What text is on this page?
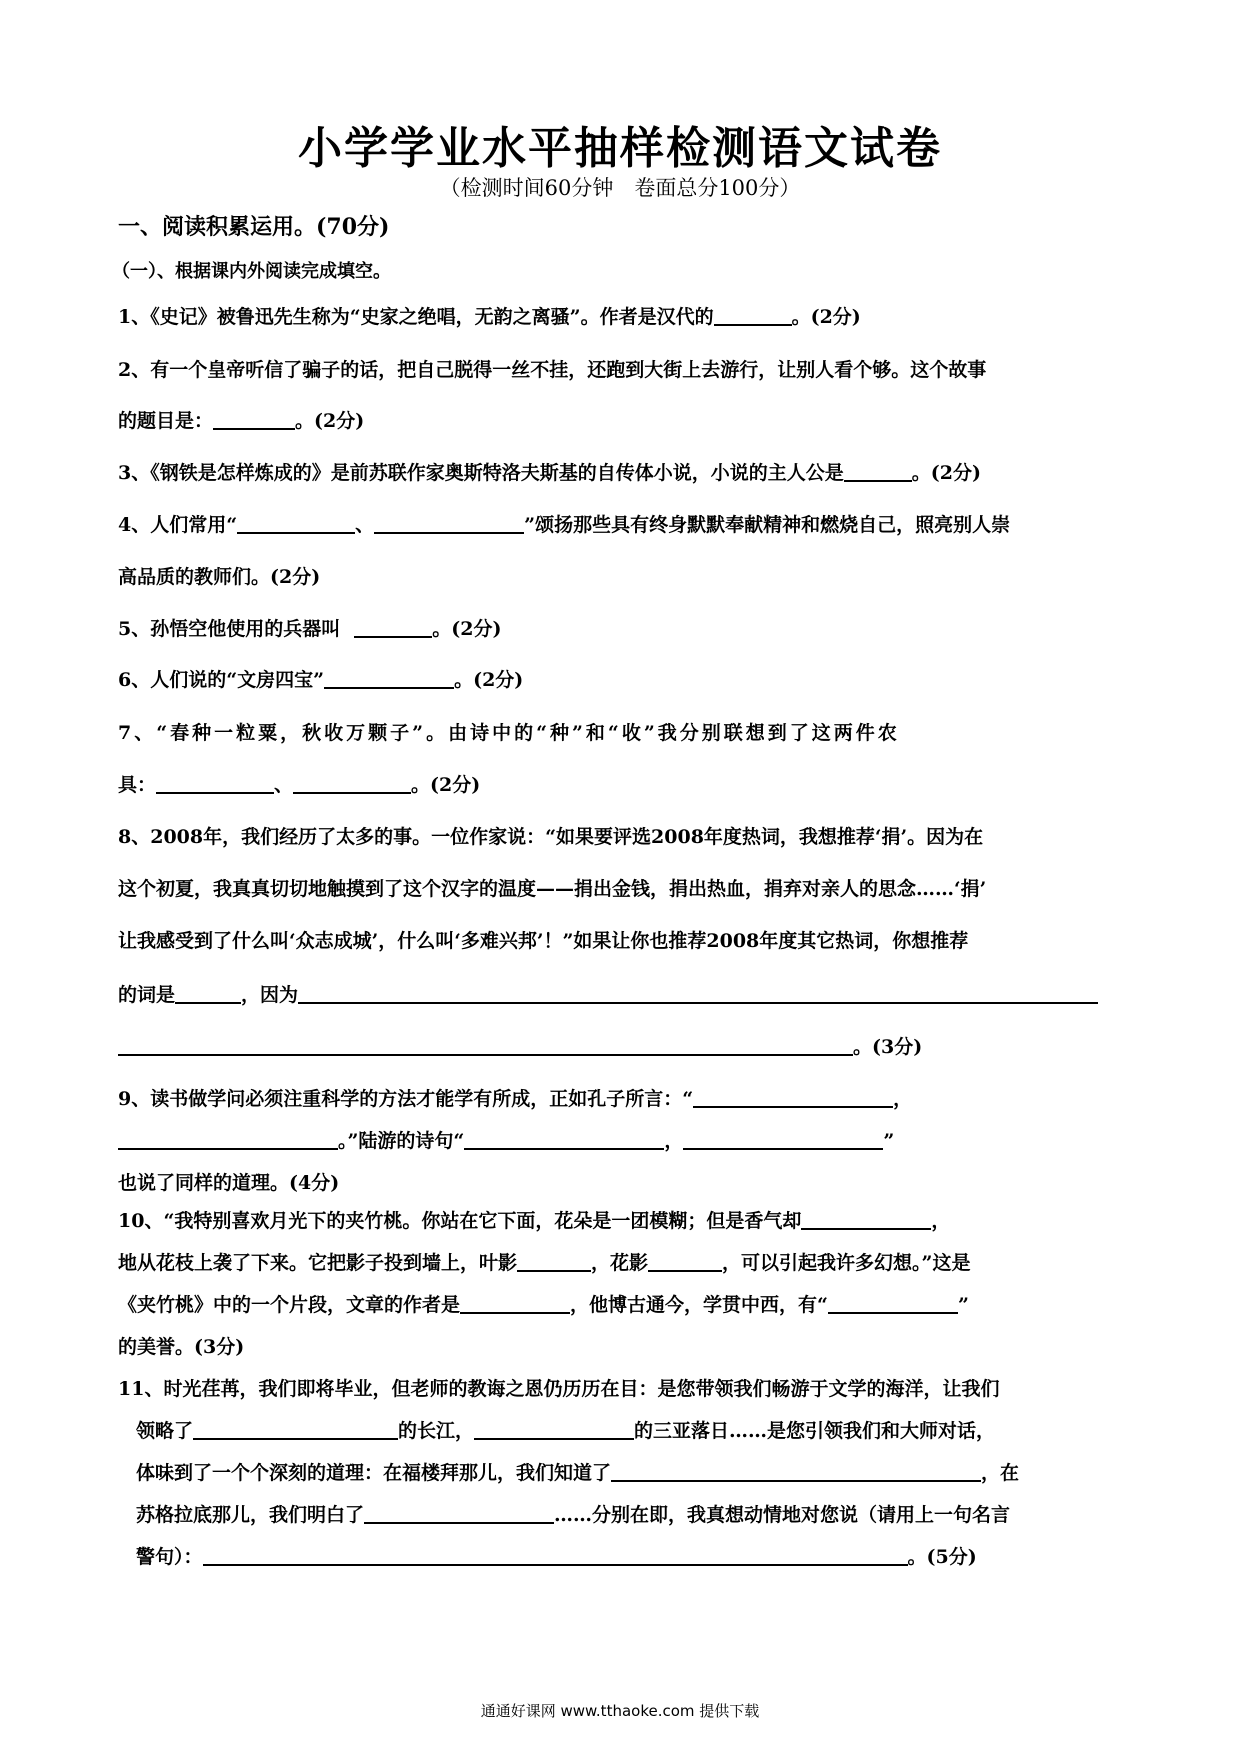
小学学业水平抽样检测语文试卷
（检测时间60分钟　卷面总分100分）
一、阅读积累运用。(70分)
（一）、根据课内外阅读完成填空。
1、《史记》被鲁迅先生称为“史家之绝唱，无韵之离骚”。作者是汉代的	。(2分)
2、有一个皇帝听信了骗子的话，把自己脱得一丝不挂，还跑到大街上去游行，让别人看个够。这个故事
的题目是：	。(2分)
3、《钢铁是怎样炼成的》是前苏联作家奥斯特洛夫斯基的自传体小说，小说的主人公是	。(2分)
4、人们常用“	、	”颂扬那些具有终身默默奉献精神和燃烧自己，照亮别人崇
高品质的教师们。(2分)
5、孙悟空他使用的兵器叫	。(2分)
6、人们说的“文房四宝”	。(2分)
7、“春种一粒粟，秋收万颗子”。由诗中的“种”和“收”我分别联想到了这两件农
具：	、	。(2分)
8、2008年，我们经历了太多的事。一位作家说：“如果要评选2008年度热词，我想推荐‘捐’。因为在
这个初夏，我真真切切地触摸到了这个汉字的温度——捐出金钱，捐出热血，捐弃对亲人的思念……‘捐’
让我感受到了什么叫‘众志成城’，什么叫‘多难兴邦’！”如果让你也推荐2008年度其它热词，你想推荐
的词是	，因为
。(3分)
9、读书做学问必须注重科学的方法才能学有所成，正如孔子所言：“	，
。”陆游的诗句“	，	”
也说了同样的道理。(4分)
10、“我特别喜欢月光下的夹竹桃。你站在它下面，花朵是一团模糊；但是香气却	，
地从花枝上袭了下来。它把影子投到墙上，叶影	，花影	，可以引起我许多幻想。”这是
《夹竹桃》中的一个片段，文章的作者是	，他博古通今，学贯中西，有“	”
的美誉。(3分)
11、时光荏苒，我们即将毕业，但老师的教诲之恩仍历历在目：是您带领我们畅游于文学的海洋，让我们
领略了	的长江，	的三亚落日……是您引领我们和大师对话，
体味到了一个个深刻的道理：在福楼拜那儿，我们知道了	，在
苏格拉底那儿，我们明白了	……分别在即，我真想动情地对您说（请用上一句名言
警句）：	。(5分)
通通好课网 www.tthaoke.com 提供下载
